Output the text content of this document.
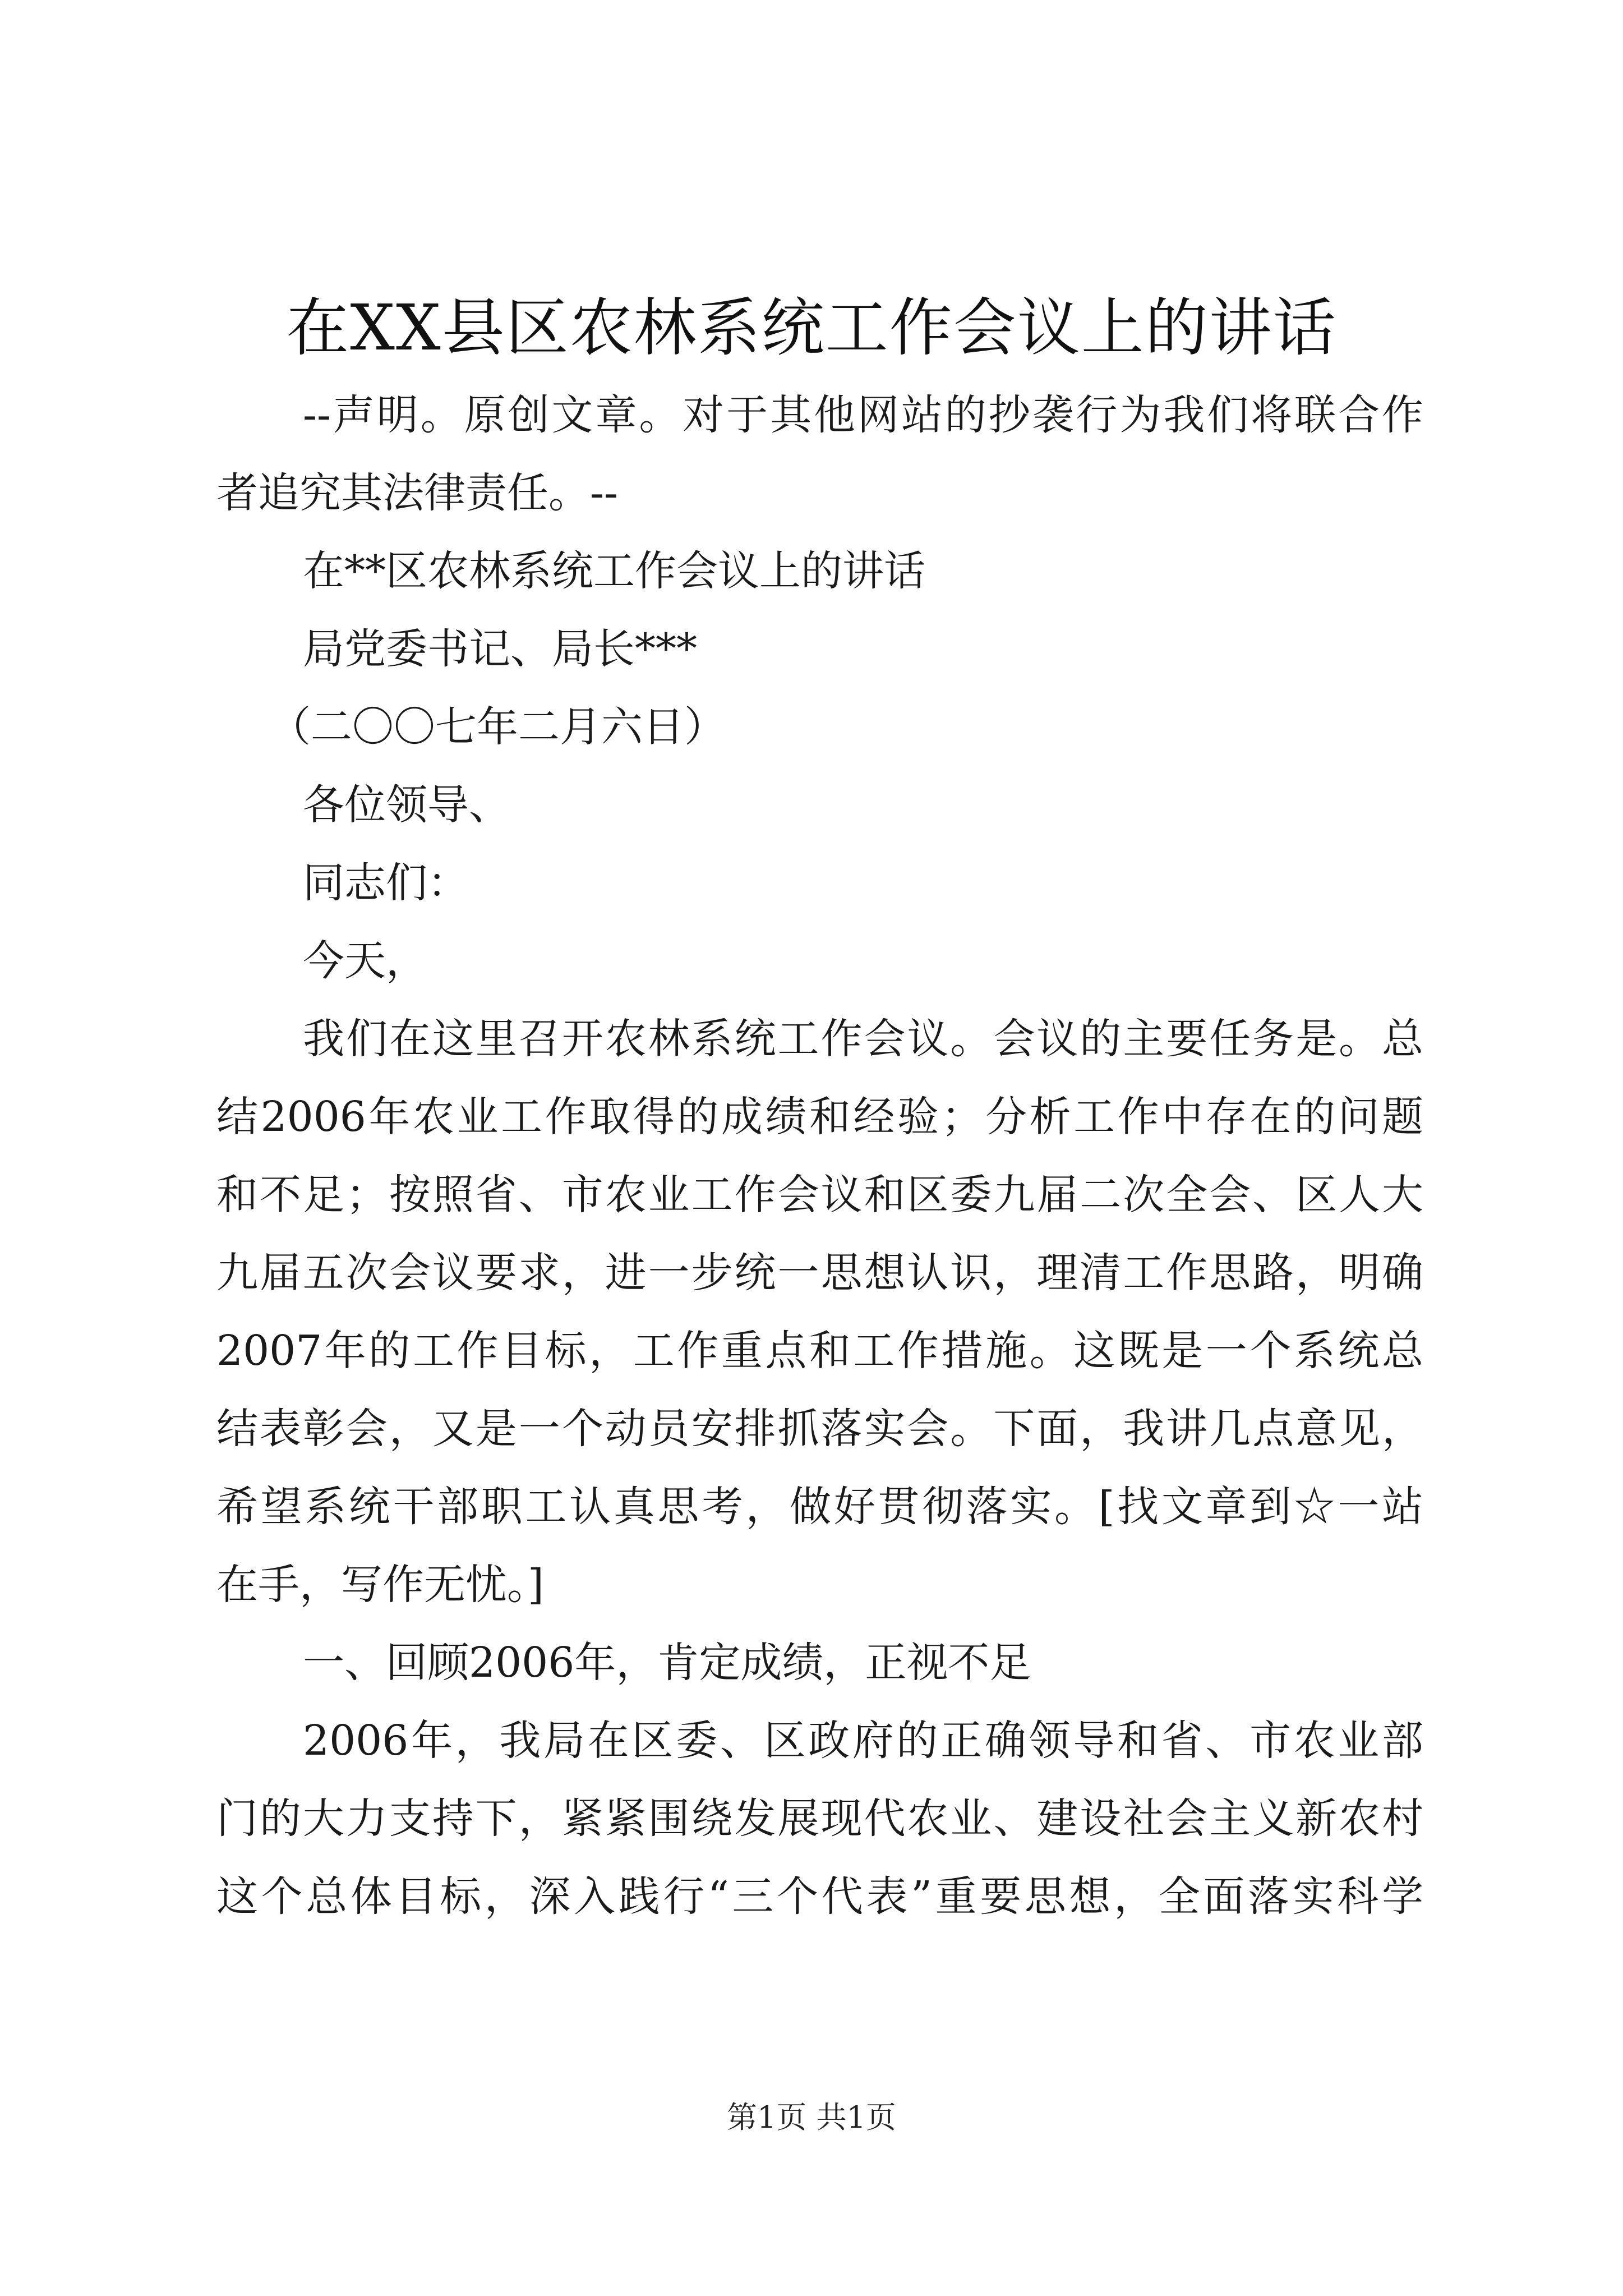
在XX县区农林系统工作会议上的讲话
--声明。原创文章。对于其他网站的抄袭行为我们将联合作
者追究其法律责任。--
在**区农林系统工作会议上的讲话
局党委书记、局长***
（二〇〇七年二月六日）
各位领导、
同志们：
今天，
我们在这里召开农林系统工作会议。会议的主要任务是。总
结2006年农业工作取得的成绩和经验；分析工作中存在的问题
和不足；按照省、市农业工作会议和区委九届二次全会、区人大
九届五次会议要求，进一步统一思想认识，理清工作思路，明确
2007年的工作目标，工作重点和工作措施。这既是一个系统总
结表彰会，又是一个动员安排抓落实会。下面，我讲几点意见，
希望系统干部职工认真思考，做好贯彻落实。[找文章到☆一站
在手，写作无忧。]
一、回顾2006年，肯定成绩，正视不足
2006年，我局在区委、区政府的正确领导和省、市农业部
门的大力支持下，紧紧围绕发展现代农业、建设社会主义新农村
这个总体目标，深入践行“三个代表”重要思想，全面落实科学
第1页 共1页
